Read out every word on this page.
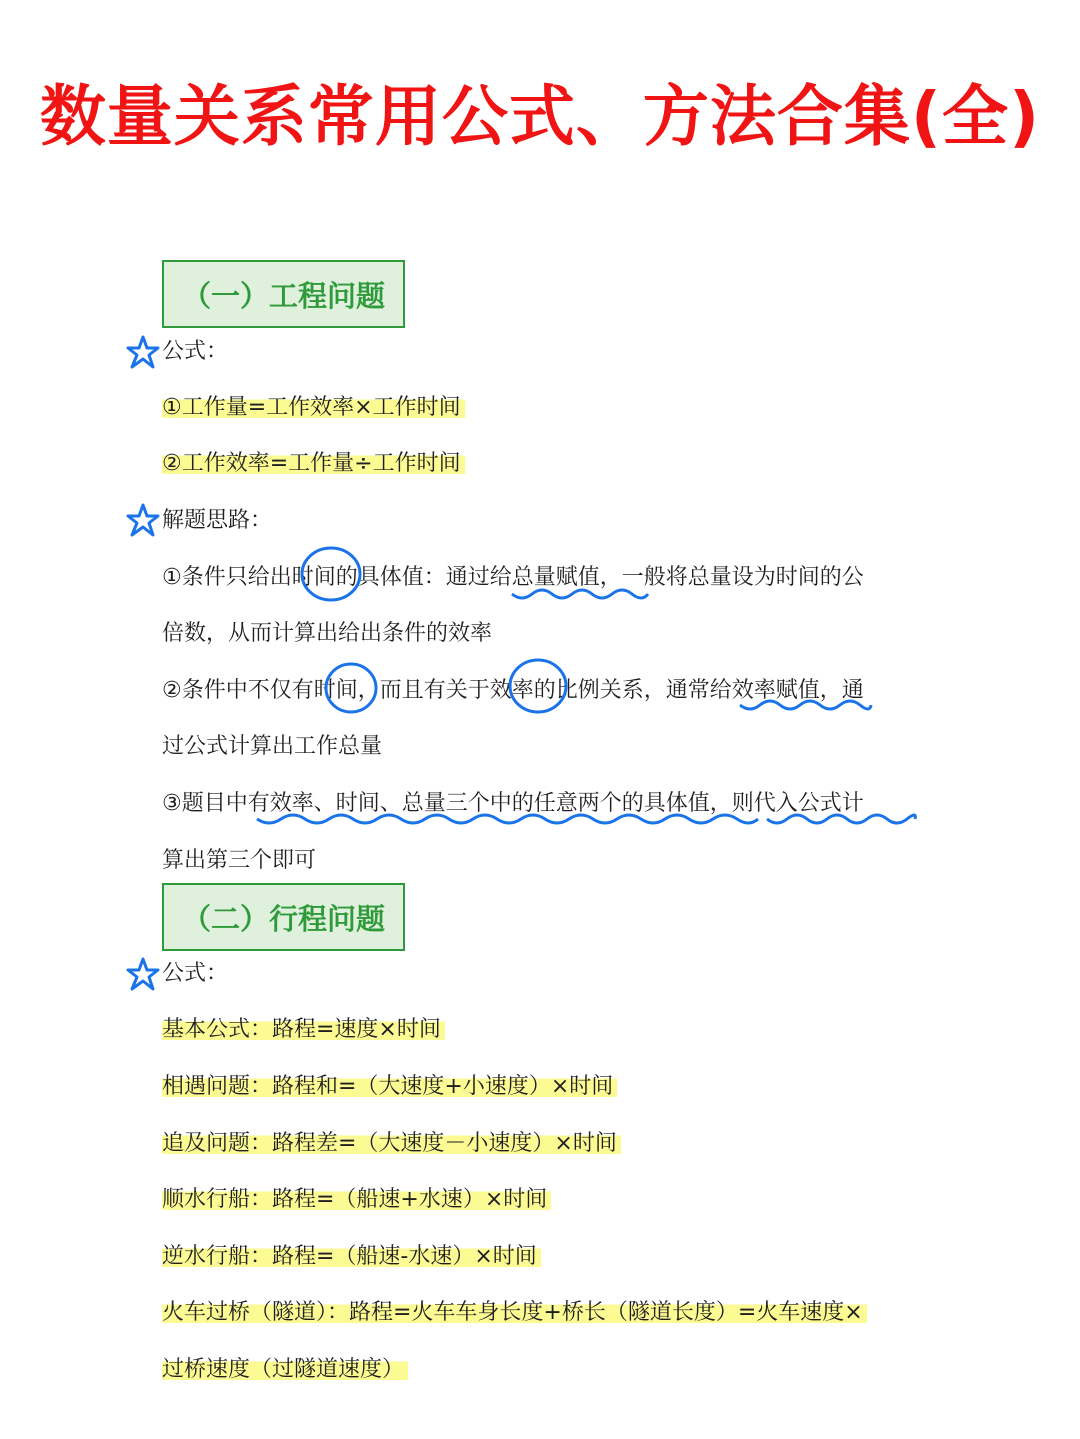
数量关系常用公式、方法合集(全)
（一）工程问题
公式：
①工作量=工作效率×工作时间
②工作效率=工作量÷工作时间
解题思路：
①条件只给出时间的具体值：通过给总量赋值，一般将总量设为时间的公
倍数，从而计算出给出条件的效率
②条件中不仅有时间，而且有关于效率的比例关系，通常给效率赋值，通
过公式计算出工作总量
③题目中有效率、时间、总量三个中的任意两个的具体值，则代入公式计
算出第三个即可
（二）行程问题
公式：
基本公式：路程=速度×时间
相遇问题：路程和=（大速度+小速度）×时间
追及问题：路程差=（大速度－小速度）×时间
顺水行船：路程=（船速+水速）×时间
逆水行船：路程=（船速-水速）×时间
火车过桥（隧道）：路程=火车车身长度+桥长（隧道长度）=火车速度×
过桥速度（过隧道速度）
